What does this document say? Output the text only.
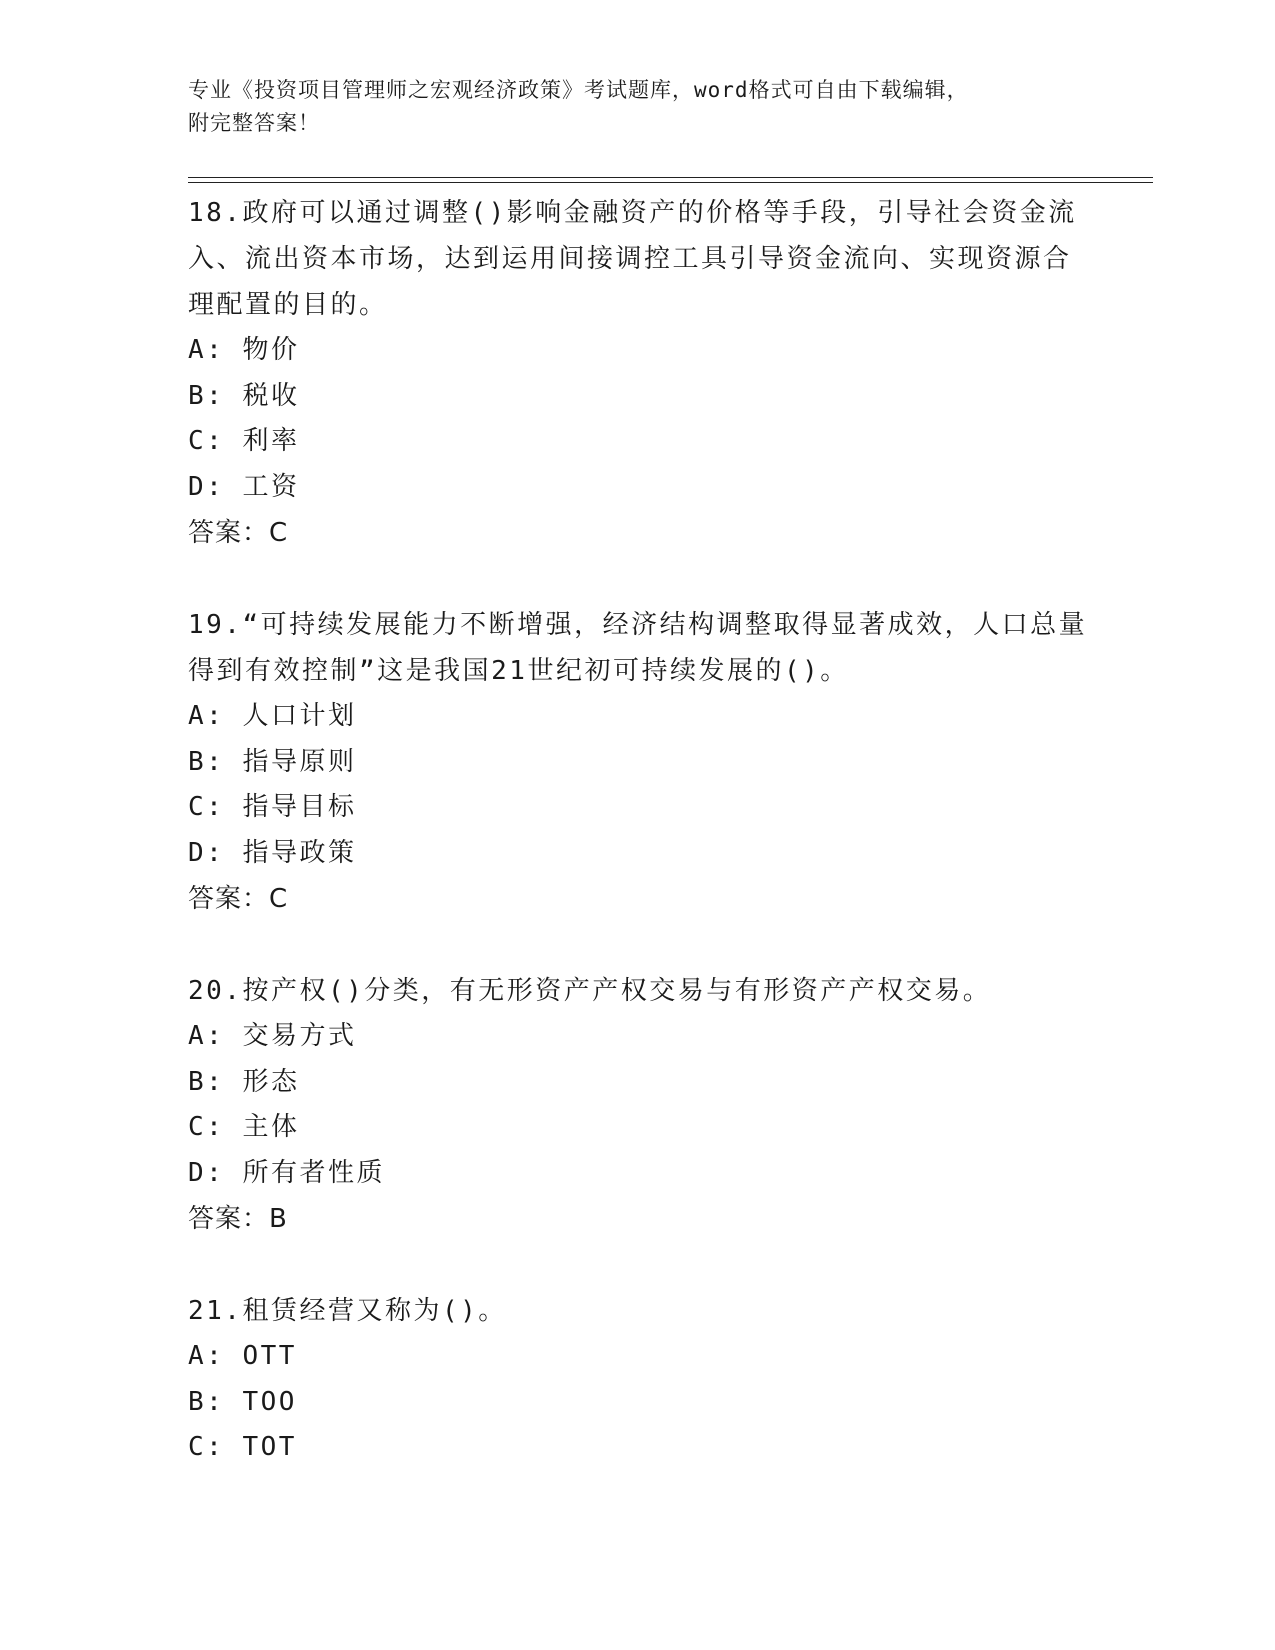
专业《投资项目管理师之宏观经济政策》考试题库，word格式可自由下载编辑，
附完整答案！
18.政府可以通过调整()影响金融资产的价格等手段，引导社会资金流入、流出资本市场，达到运用间接调控工具引导资金流向、实现资源合理配置的目的。
A: 物价
B: 税收
C: 利率
D: 工资
答案：C
19.“可持续发展能力不断增强，经济结构调整取得显著成效，人口总量得到有效控制”这是我国21世纪初可持续发展的()。
A: 人口计划
B: 指导原则
C: 指导目标
D: 指导政策
答案：C
20.按产权()分类，有无形资产产权交易与有形资产产权交易。
A: 交易方式
B: 形态
C: 主体
D: 所有者性质
答案：B
21.租赁经营又称为()。
A: OTT
B: TOO
C: TOT
